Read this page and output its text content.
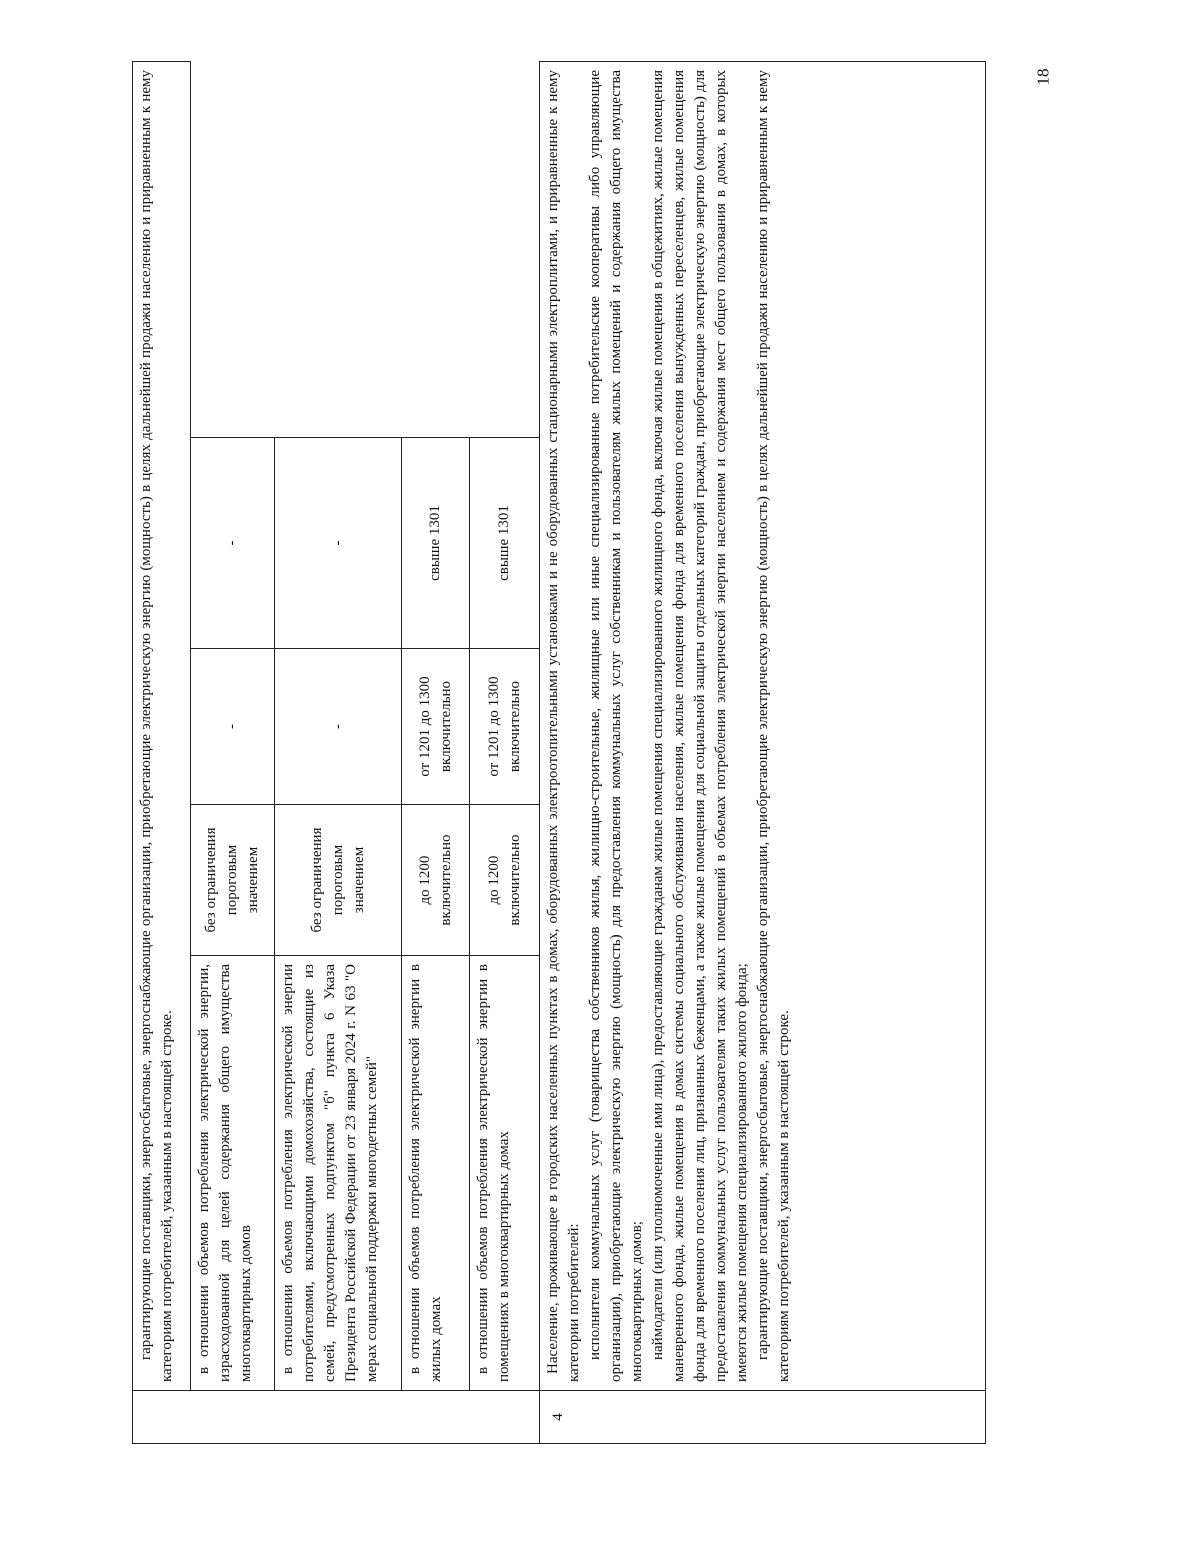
18
	гарантирующие поставщики, энергосбытовые, энергоснабжающие организации, приобретающие электрическую энергию (мощность) в целях дальнейшей продажи населению и приравненным к нему категориям потребителей, указанным в настоящей строке.			
	в отношении объемов потребления электрической энергии, израсходованной для целей содержания общего имущества многоквартирных домов	без ограничения пороговым значением	-	-
	в отношении объемов потребления электрической энергии потребителями, включающими домохозяйства, состоящие из семей, предусмотренных подпунктом "б" пункта 6 Указа Президента Российской Федерации от 23 января 2024 г. N 63 "О мерах социальной поддержки многодетных семей"	без ограничения пороговым значением	-	-
	в отношении объемов потребления электрической энергии в жилых домах	до 1200 включительно	от 1201 до 1300 включительно	свыше 1301
	в отношении объемов потребления электрической энергии в помещениях в многоквартирных домах	до 1200 включительно	от 1201 до 1300 включительно	свыше 1301
4	Население, проживающее в городских населенных пунктах в домах, оборудованных электроотопительными установками и не оборудованных стационарными электроплитами, и приравненные к нему категории потребителей: исполнители коммунальных услуг (товарищества собственников жилья, жилищно-строительные, жилищные или иные специализированные потребительские кооперативы либо управляющие организации), приобретающие электрическую энергию (мощность) для предоставления коммунальных услуг собственникам и пользователям жилых помещений и содержания общего имущества многоквартирных домов; наймодатели (или уполномоченные ими лица), предоставляющие гражданам жилые помещения специализированного жилищного фонда, включая жилые помещения в общежитиях, жилые помещения маневренного фонда, жилые помещения в домах системы социального обслуживания населения, жилые помещения фонда для временного поселения вынужденных переселенцев, жилые помещения фонда для временного поселения лиц, признанных беженцами, а также жилые помещения для социальной защиты отдельных категорий граждан, приобретающие электрическую энергию (мощность) для предоставления коммунальных услуг пользователям таких жилых помещений в объемах потребления электрической энергии населением и содержания мест общего пользования в домах, в которых имеются жилые помещения специализированного жилого фонда; гарантирующие поставщики, энергосбытовые, энергоснабжающие организации, приобретающие электрическую энергию (мощность) в целях дальнейшей продажи населению и приравненным к нему категориям потребителей, указанным в настоящей строке.			
